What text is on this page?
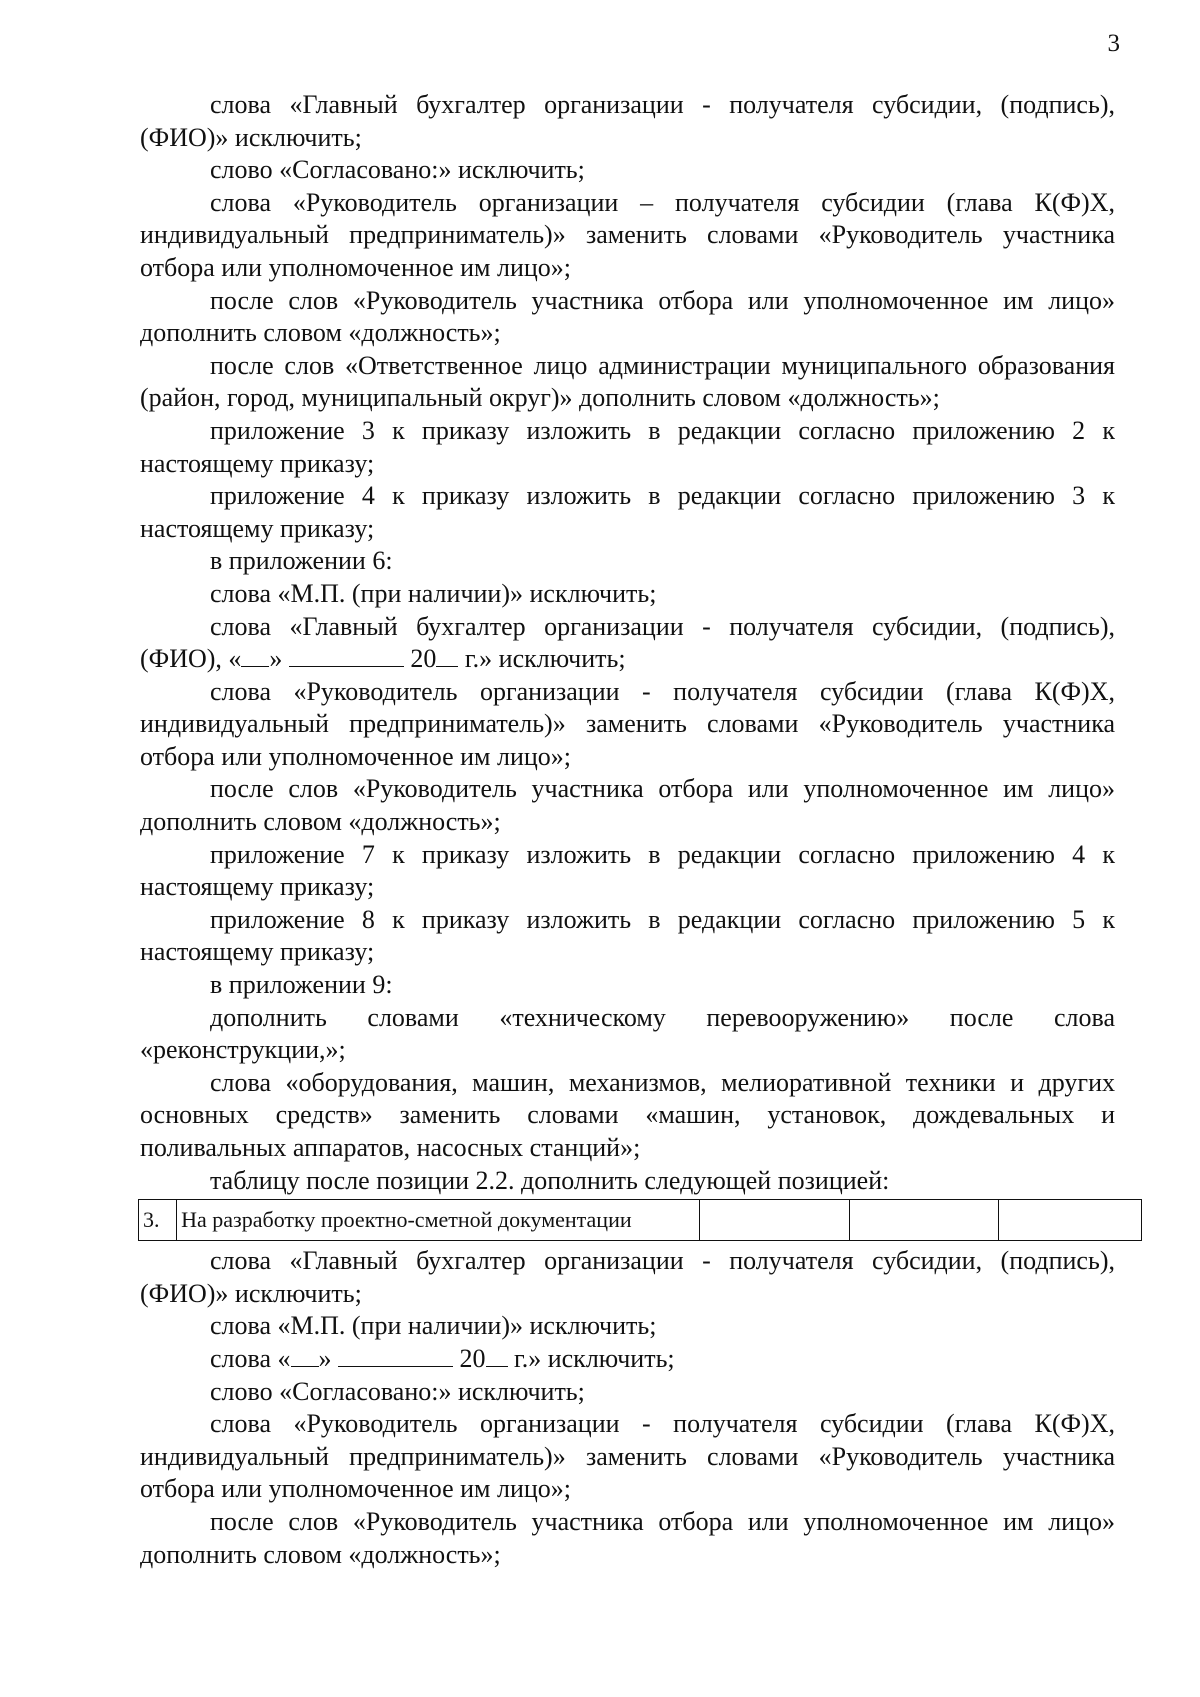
3

слова «Главный бухгалтер организации - получателя субсидии, (подпись), (ФИО)» исключить;

слово «Согласовано:» исключить;

слова «Руководитель организации – получателя субсидии (глава К(Ф)Х, индивидуальный предприниматель)» заменить словами «Руководитель участника отбора или уполномоченное им лицо»;

после слов «Руководитель участника отбора или уполномоченное им лицо» дополнить словом «должность»;

после слов «Ответственное лицо администрации муниципального образования (район, город, муниципальный округ)» дополнить словом «должность»;

приложение 3 к приказу изложить в редакции согласно приложению 2 к настоящему приказу;

приложение 4 к приказу изложить в редакции согласно приложению 3 к настоящему приказу;

в приложении 6:

слова «М.П. (при наличии)» исключить;

слова «Главный бухгалтер организации - получателя субсидии, (подпись), (ФИО), « »	20 г.» исключить;

слова «Руководитель организации - получателя субсидии (глава К(Ф)Х, индивидуальный предприниматель)» заменить словами «Руководитель участника отбора или уполномоченное им лицо»;

после слов «Руководитель участника отбора или уполномоченное им лицо» дополнить словом «должность»;

приложение 7 к приказу изложить в редакции согласно приложению 4 к настоящему приказу;

приложение 8 к приказу изложить в редакции согласно приложению 5 к настоящему приказу;

в приложении 9:

дополнить словами «техническому перевооружению» после слова «реконструкции,»;

слова «оборудования, машин, механизмов, мелиоративной техники и других основных средств» заменить словами «машин, установок, дождевальных и поливальных аппаратов, насосных станций»;

таблицу после позиции 2.2. дополнить следующей позицией:

3.	На разработку проектно-сметной документации			

слова «Главный бухгалтер организации - получателя субсидии, (подпись), (ФИО)» исключить;

слова «М.П. (при наличии)» исключить;

слова « »	20 г.» исключить;

слово «Согласовано:» исключить;

слова «Руководитель организации - получателя субсидии (глава К(Ф)Х, индивидуальный предприниматель)» заменить словами «Руководитель участника отбора или уполномоченное им лицо»;

после слов «Руководитель участника отбора или уполномоченное им лицо» дополнить словом «должность»;
